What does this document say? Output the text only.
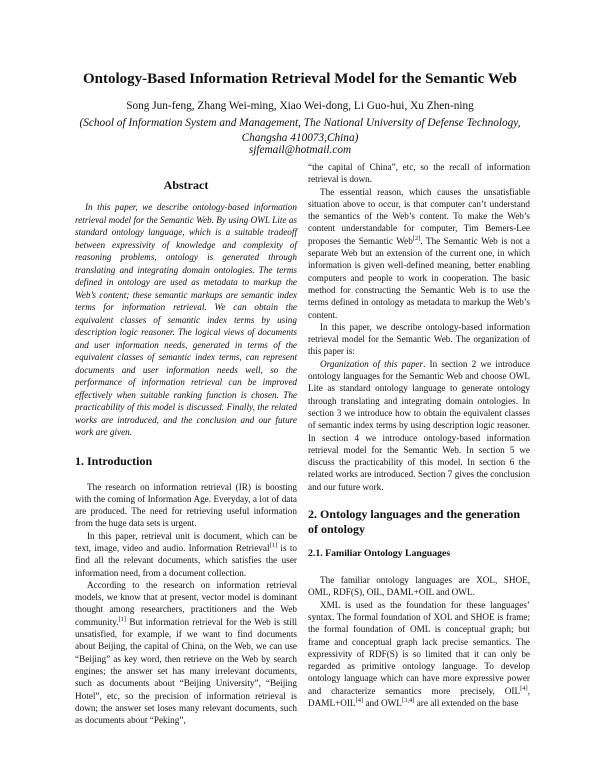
Ontology-Based Information Retrieval Model for the Semantic Web
Song Jun-feng, Zhang Wei-ming, Xiao Wei-dong, Li Guo-hui, Xu Zhen-ning
(School of Information System and Management, The National University of Defense Technology,
Changsha 410073,China)
sjfemail@hotmail.com
Abstract

In this paper, we describe ontology-based information retrieval model for the Semantic Web. By using OWL Lite as standard ontology language, which is a suitable tradeoff between expressivity of knowledge and complexity of reasoning problems, ontology is generated through translating and integrating domain ontologies. The terms defined in ontology are used as metadata to markup the Web’s content; these semantic markups are semantic index terms for information retrieval. We can obtain the equivalent classes of semantic index terms by using description logic reasoner. The logical views of documents and user information needs, generated in terms of the equivalent classes of semantic index terms, can represent documents and user information needs well, so the performance of information retrieval can be improved effectively when suitable ranking function is chosen. The practicability of this model is discussed. Finally, the related works are introduced, and the conclusion and our future work are given.

1. Introduction

The research on information retrieval (IR) is boosting with the coming of Information Age. Everyday, a lot of data are produced. The need for retrieving useful information from the huge data sets is urgent.

In this paper, retrieval unit is document, which can be text, image, video and audio. Information Retrieval[1] is to find all the relevant documents, which satisfies the user information need, from a document collection.

According to the research on information retrieval models, we know that at present, vector model is dominant thought among researchers, practitioners and the Web community.[1] But information retrieval for the Web is still unsatisfied, for example, if we want to find documents about Beijing, the capital of China, on the Web, we can use “Beijing” as key word, then retrieve on the Web by search engines; the answer set has many irrelevant documents, such as documents about “Beijing University”, “Beijing Hotel”, etc, so the precision of information retrieval is down; the answer set loses many relevant documents, such as documents about “Peking”,

“the capital of China”, etc, so the recall of information retrieval is down.

The essential reason, which causes the unsatisfiable situation above to occur, is that computer can’t understand the semantics of the Web’s content. To make the Web’s content understandable for computer, Tim Bemers-Lee proposes the Semantic Web[2]. The Semantic Web is not a separate Web but an extension of the current one, in which information is given well-defined meaning, better enabling computers and people to work in cooperation. The basic method for constructing the Semantic Web is to use the terms defined in ontology as metadata to markup the Web’s content.

In this paper, we describe ontology-based information retrieval model for the Semantic Web. The organization of this paper is:

Organization of this paper. In section 2 we introduce ontology languages for the Semantic Web and choose OWL Lite as standard ontology language to generate ontology through translating and integrating domain ontologies. In section 3 we introduce how to obtain the equivalent classes of semantic index terms by using description logic reasoner. In section 4 we introduce ontology-based information retrieval model for the Semantic Web. In section 5 we discuss the practicability of this model. In section 6 the related works are introduced. Section 7 gives the conclusion and our future work.

2. Ontology languages and the generation of ontology
2.1. Familiar Ontology Languages

The familiar ontology languages are XOL, SHOE, OML, RDF(S), OIL, DAML+OIL and OWL.

XML is used as the foundation for these languages’ syntax. The formal foundation of XOL and SHOE is frame; the formal foundation of OML is conceptual graph; but frame and conceptual graph lack precise semantics. The expressivity of RDF(S) is so limited that it can only be regarded as primitive ontology language. To develop ontology language which can have more expressive power and characterize semantics more precisely, OIL[4], DAML+OIL[4] and OWL[3,4] are all extended on the base
